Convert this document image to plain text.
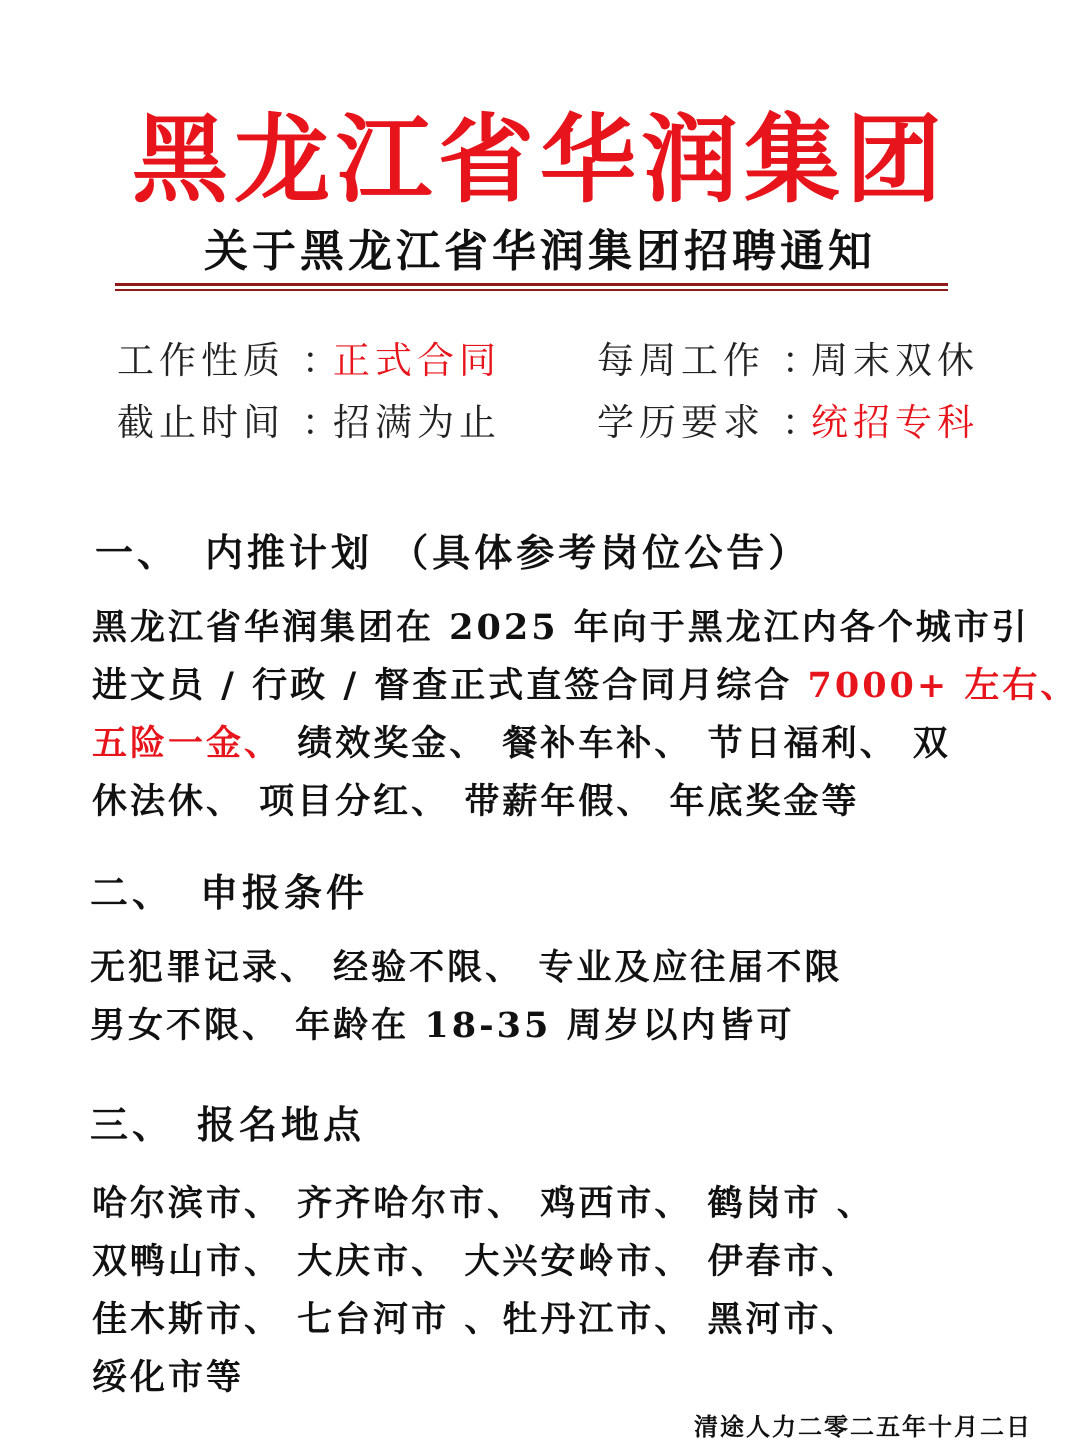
黑龙江省华润集团
关于黑龙江省华润集团招聘通知
工作性质 ：
正式合同	每周工作 ：
周末双休
截止时间 ：
招满为止	学历要求 ：
统招专科
一、 内推计划 （具体参考岗位公告）
黑龙江省华润集团在 2025 年向于黑龙江内各个城市引
进文员 / 行政 / 督查正式直签合同月综合 7000+ 左右、
五险一金、 绩效奖金、 餐补车补、 节日福利、 双
休法休、 项目分红、 带薪年假、 年底奖金等
二、 申报条件
无犯罪记录、 经验不限、 专业及应往届不限
男女不限、 年龄在 18-35 周岁以内皆可
三、 报名地点
哈尔滨市、 齐齐哈尔市、 鸡西市、 鹤岗市 、
双鸭山市、 大庆市、 大兴安岭市、 伊春市、
佳木斯市、 七台河市 、牡丹江市、 黑河市、
绥化市等
清途人力二零二五年十月二日
